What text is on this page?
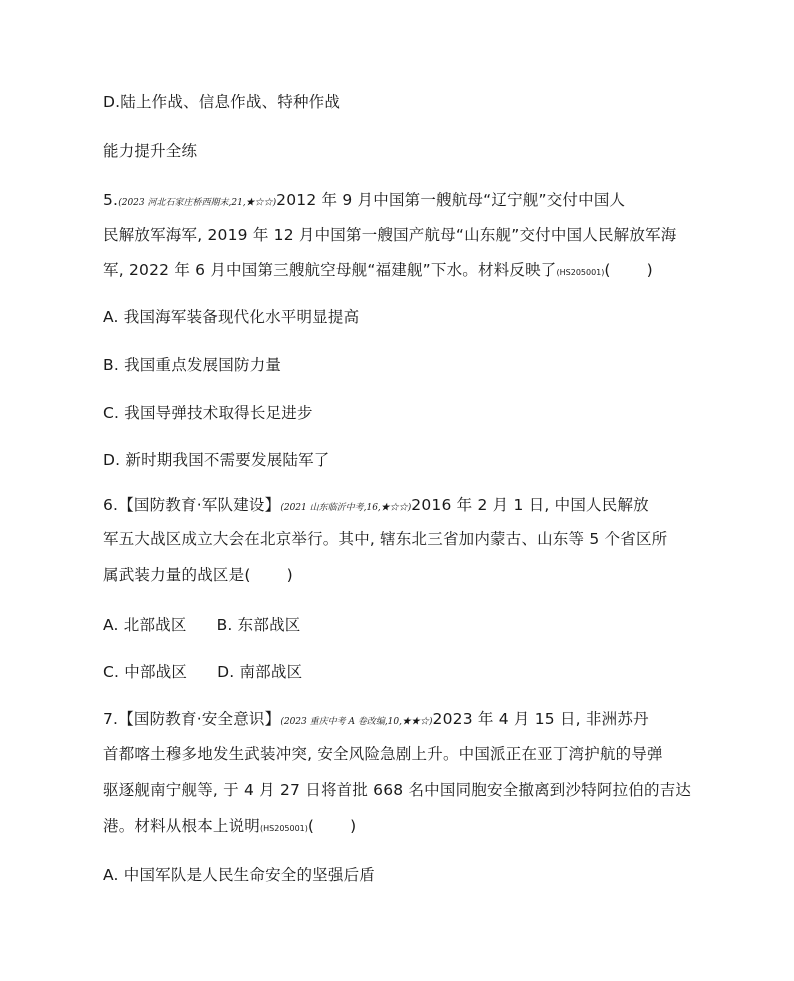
D.陆上作战、信息作战、特种作战
能力提升全练
5.(2023 河北石家庄桥西期末,21,★☆☆)2012 年 9 月中国第一艘航母“辽宁舰”交付中国人
民解放军海军, 2019 年 12 月中国第一艘国产航母“山东舰”交付中国人民解放军海
军, 2022 年 6 月中国第三艘航空母舰“福建舰”下水。材料反映了(HS205001)( )
A. 我国海军装备现代化水平明显提高
B. 我国重点发展国防力量
C. 我国导弹技术取得长足进步
D. 新时期我国不需要发展陆军了
6.【国防教育·军队建设】(2021 山东临沂中考,16,★☆☆)2016 年 2 月 1 日, 中国人民解放
军五大战区成立大会在北京举行。其中, 辖东北三省加内蒙古、山东等 5 个省区所
属武装力量的战区是( )
A. 北部战区 B. 东部战区
C. 中部战区 D. 南部战区
7.【国防教育·安全意识】(2023 重庆中考 A 卷改编,10,★★☆)2023 年 4 月 15 日, 非洲苏丹
首都喀土穆多地发生武装冲突, 安全风险急剧上升。中国派正在亚丁湾护航的导弹
驱逐舰南宁舰等, 于 4 月 27 日将首批 668 名中国同胞安全撤离到沙特阿拉伯的吉达
港。材料从根本上说明(HS205001)( )
A. 中国军队是人民生命安全的坚强后盾
